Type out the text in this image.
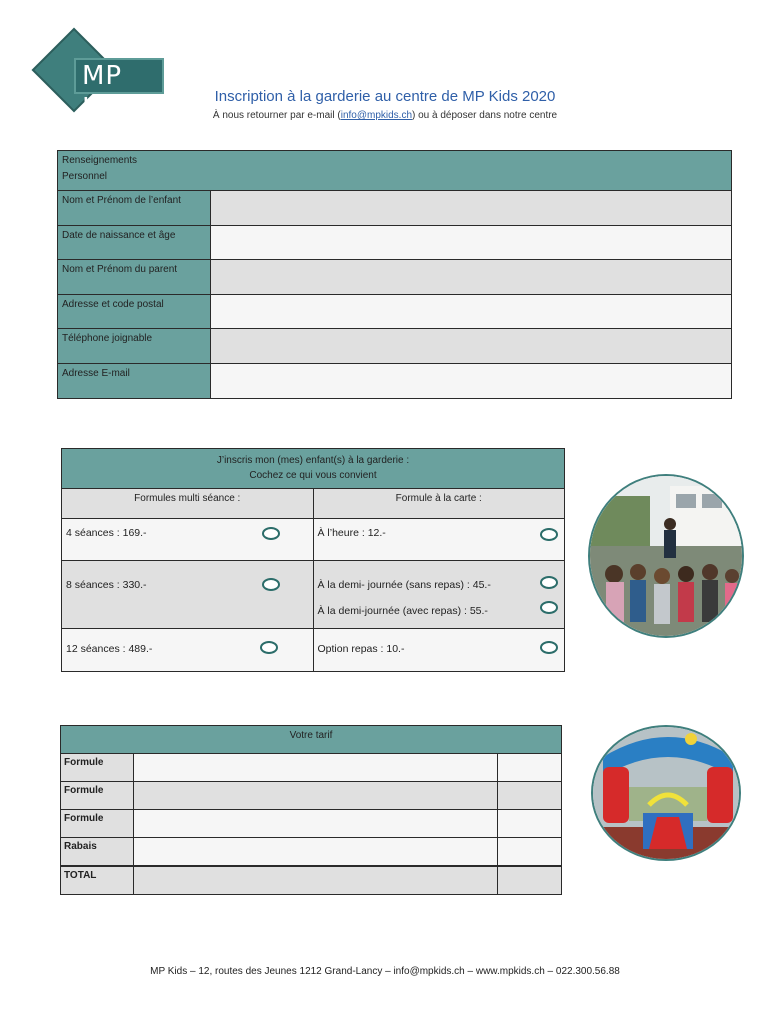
MP Kids	Inscription à la garderie au centre de MP Kids 2020
À nous retourner par e-mail (info@mpkids.ch) ou à déposer dans notre centre
Renseignements
Personnel
Nom et Prénom de l’enfant
Date de naissance et âge
Nom et Prénom du parent
Adresse et code postal
Téléphone joignable
Adresse E-mail
J’inscris mon (mes) enfant(s) à la garderie :
Cochez ce qui vous convient
Formules multi séance :	Formule à la carte :
4 séances : 169.-	À l’heure : 12.-
8 séances : 330.-	À la demi- journée (sans repas) : 45.-
À la demi-journée (avec repas) : 55.-
12 séances : 489.-	Option repas : 10.-
Votre tarif
Formule
Formule
Formule
Rabais
TOTAL
MP Kids – 12, routes des Jeunes 1212 Grand-Lancy – info@mpkids.ch – www.mpkids.ch – 022.300.56.88
